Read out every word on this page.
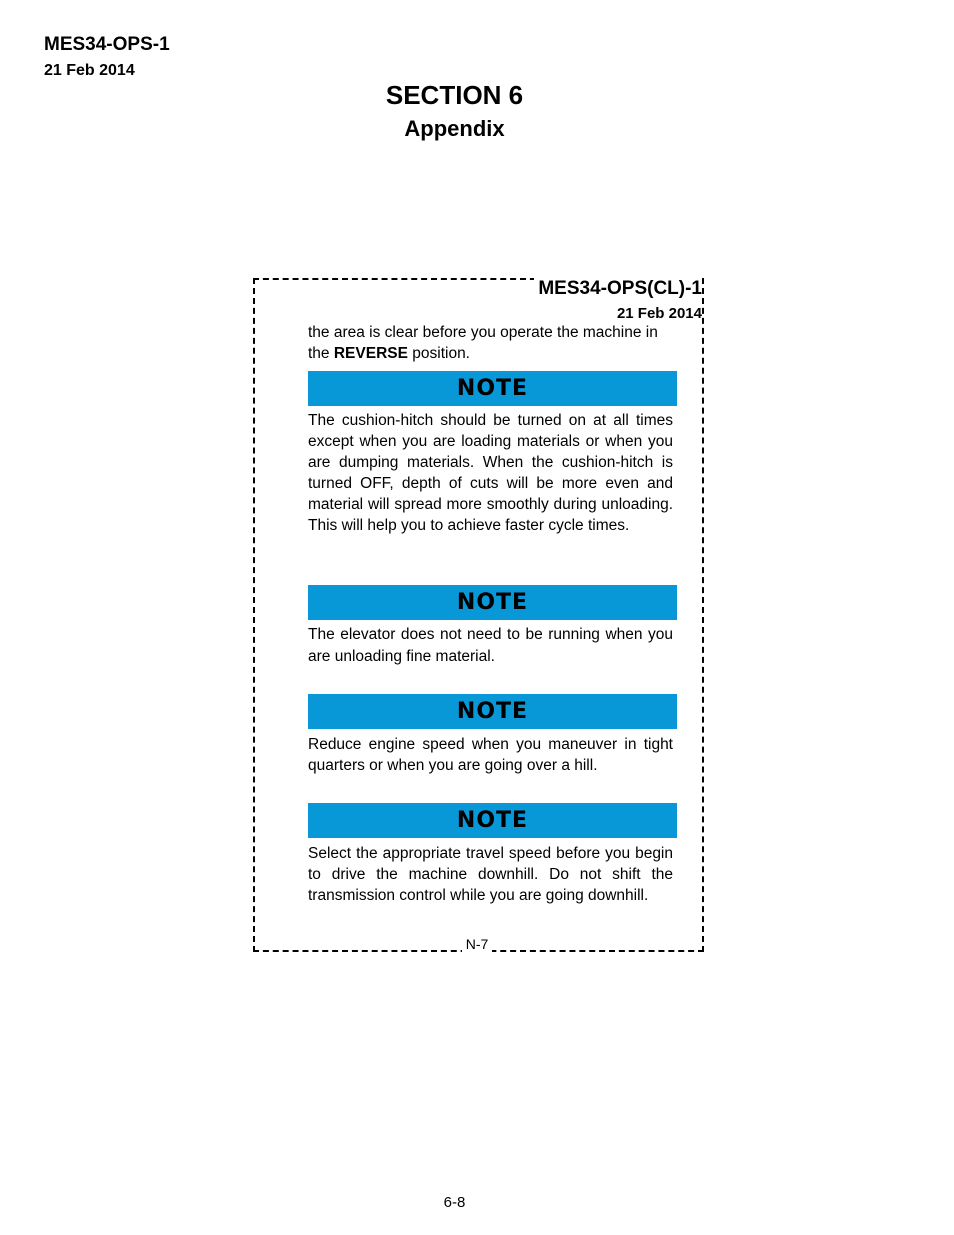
MES34-OPS-1
21 Feb 2014
SECTION 6
Appendix
MES34-OPS(CL)-1
21 Feb 2014
the area is clear before you operate the machine in the REVERSE position.
NOTE
The cushion-hitch should be turned on at all times except when you are loading materials or when you are dumping materials. When the cushion-hitch is turned OFF, depth of cuts will be more even and material will spread more smoothly during unloading. This will help you to achieve faster cycle times.
NOTE
The elevator does not need to be running when you are unloading fine material.
NOTE
Reduce engine speed when you maneuver in tight quarters or when you are going over a hill.
NOTE
Select the appropriate travel speed before you begin to drive the machine downhill. Do not shift the transmission control while you are going downhill.
N-7
6-8
